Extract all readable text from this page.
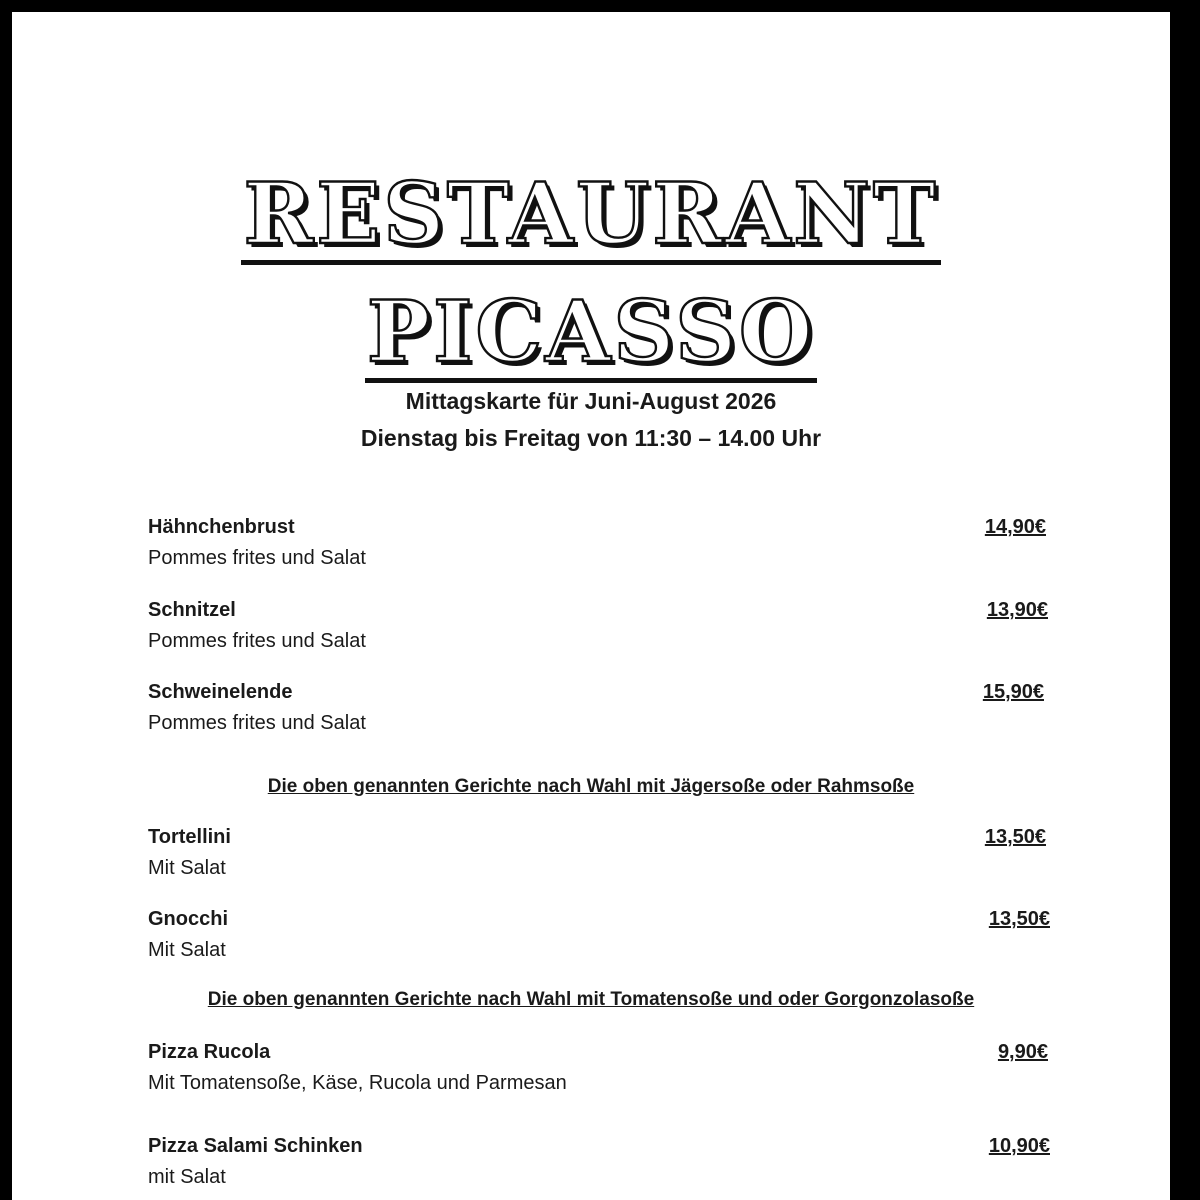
RESTAURANT
PICASSO
Mittagskarte für Juni-August 2026
Dienstag bis Freitag von 11:30 – 14.00 Uhr
Hähnchenbrust
Pommes frites und Salat
14,90€
Schnitzel
Pommes frites und Salat
13,90€
Schweinelende
Pommes frites und Salat
15,90€
Die oben genannten Gerichte nach Wahl mit Jägersoße oder Rahmsoße
Tortellini
Mit Salat
13,50€
Gnocchi
Mit Salat
13,50€
Die oben genannten Gerichte nach Wahl mit Tomatensoße und oder Gorgonzolasoße
Pizza Rucola
Mit Tomatensoße, Käse, Rucola und Parmesan
9,90€
Pizza Salami Schinken
mit Salat
10,90€
